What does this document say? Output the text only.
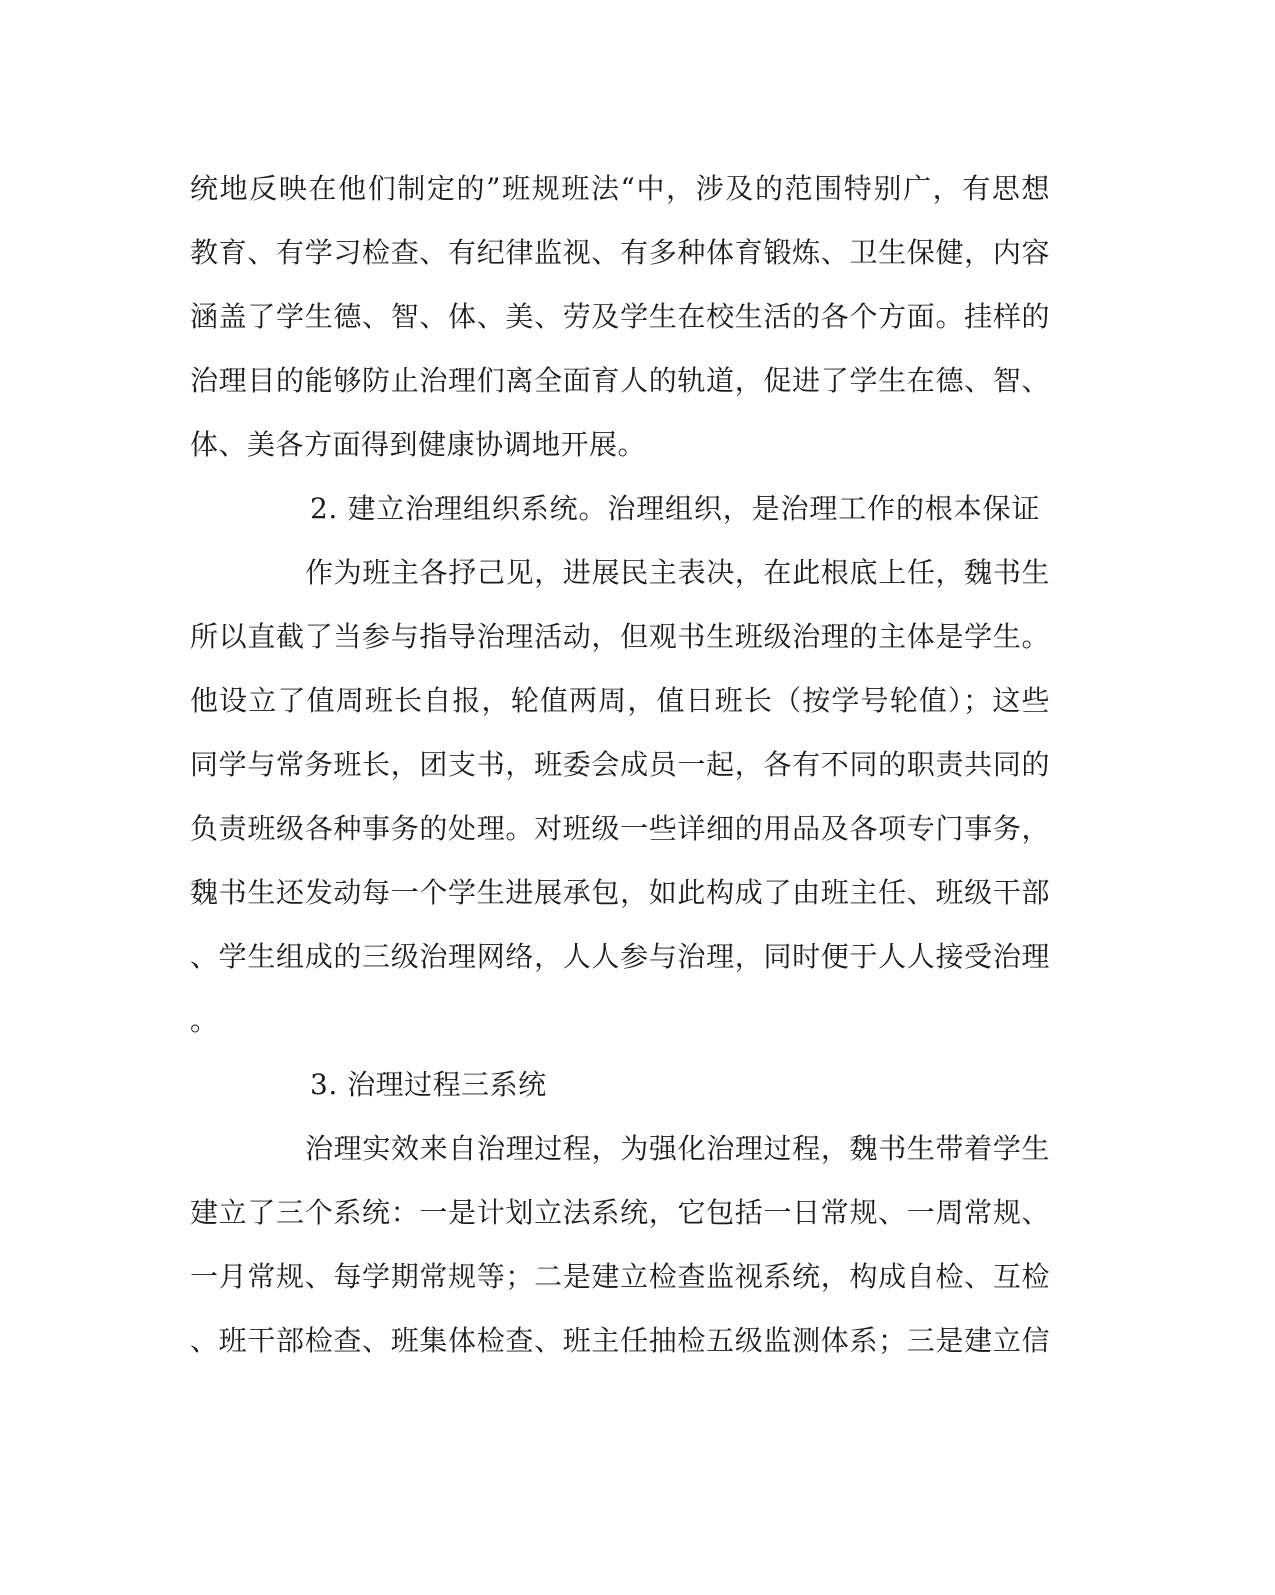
统地反映在他们制定的”班规班法“中，涉及的范围特别广，有思想
教育、有学习检查、有纪律监视、有多种体育锻炼、卫生保健，内容
涵盖了学生德、智、体、美、劳及学生在校生活的各个方面。挂样的
治理目的能够防止治理们离全面育人的轨道，促进了学生在德、智、
体、美各方面得到健康协调地开展。
2. 建立治理组织系统。治理组织，是治理工作的根本保证
作为班主各抒己见，进展民主表决，在此根底上任，魏书生
所以直截了当参与指导治理活动，但观书生班级治理的主体是学生。
他设立了值周班长自报，轮值两周，值日班长（按学号轮值）；这些
同学与常务班长，团支书，班委会成员一起，各有不同的职责共同的
负责班级各种事务的处理。对班级一些详细的用品及各项专门事务，
魏书生还发动每一个学生进展承包，如此构成了由班主任、班级干部
、学生组成的三级治理网络，人人参与治理，同时便于人人接受治理
。
3. 治理过程三系统
治理实效来自治理过程，为强化治理过程，魏书生带着学生
建立了三个系统：一是计划立法系统，它包括一日常规、一周常规、
一月常规、每学期常规等；二是建立检查监视系统，构成自检、互检
、班干部检查、班集体检查、班主任抽检五级监测体系；三是建立信
